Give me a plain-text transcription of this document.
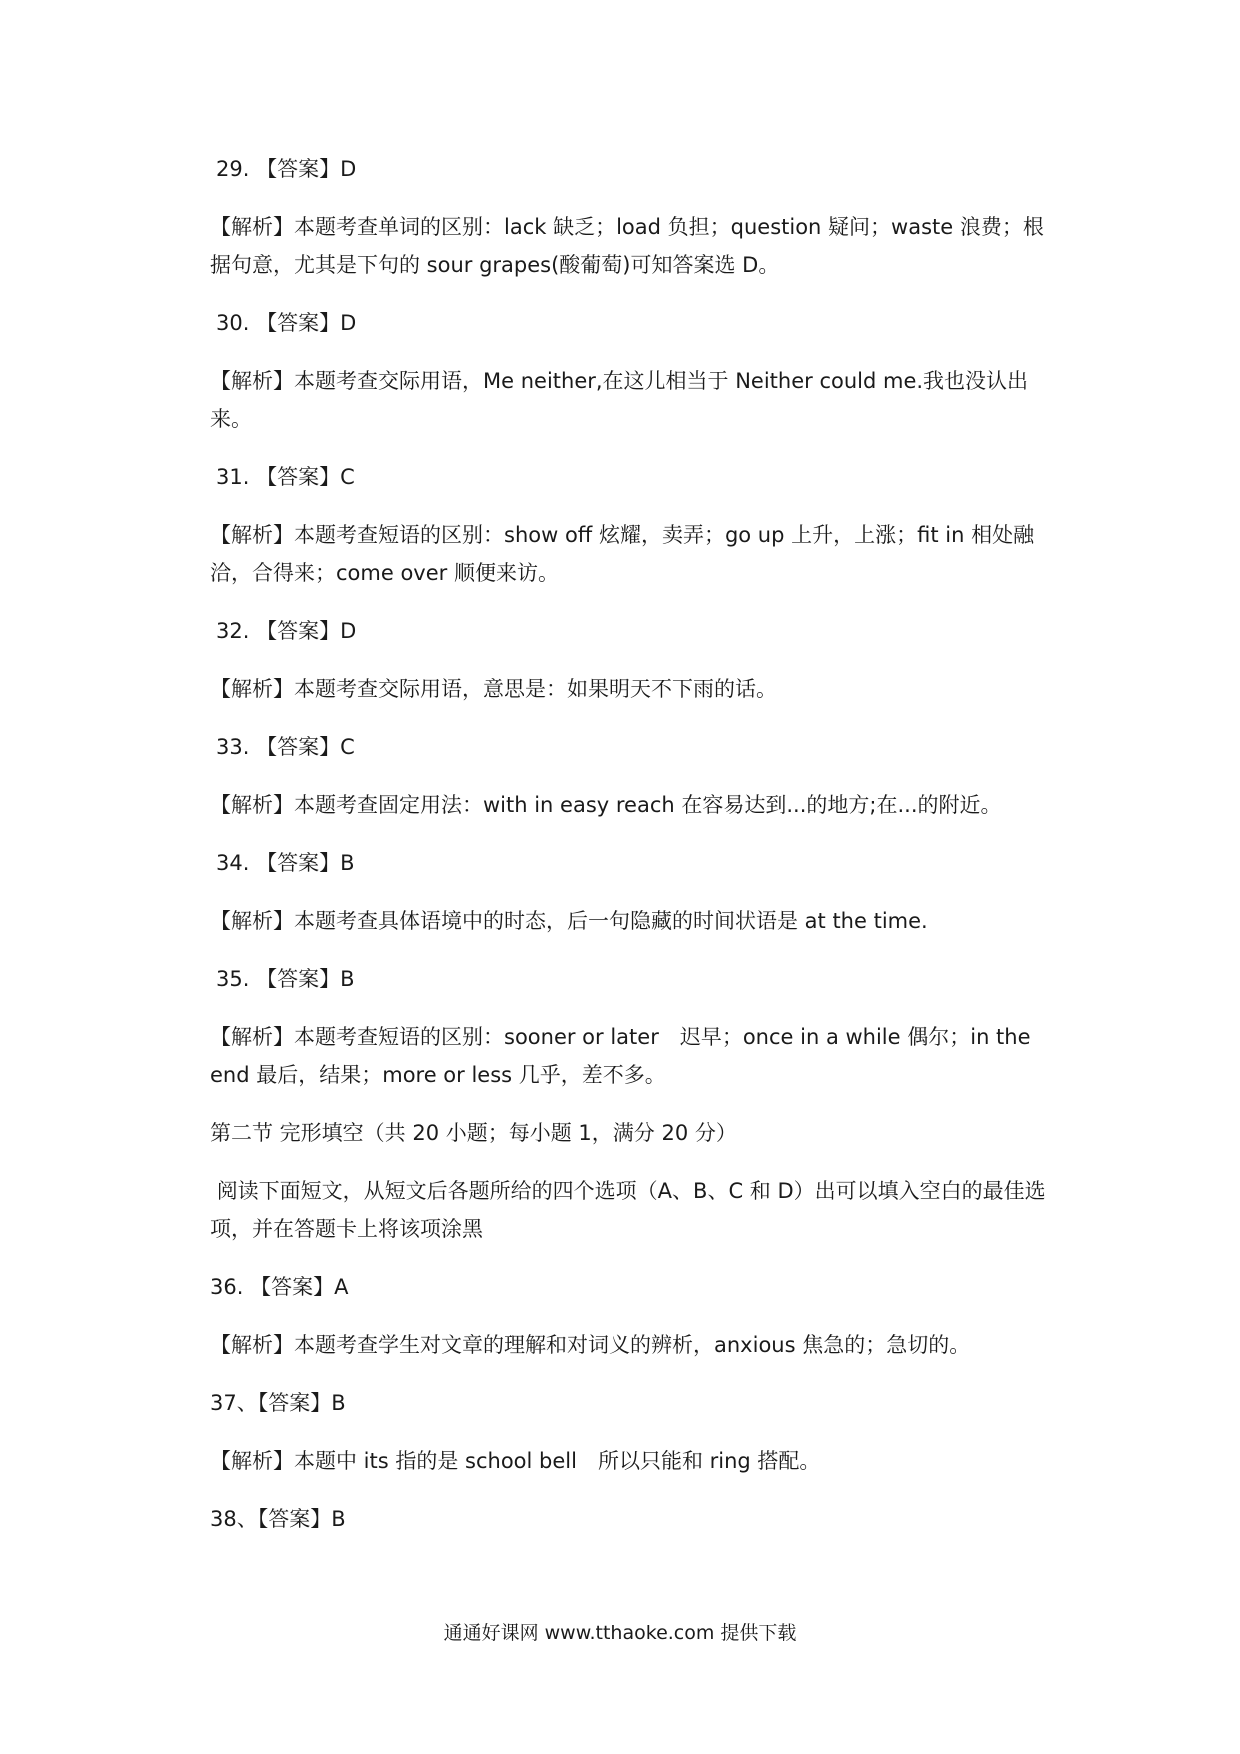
29. 【答案】D

【解析】本题考查单词的区别：lack 缺乏；load 负担；question 疑问；waste 浪费；根据句意，尤其是下句的 sour grapes(酸葡萄)可知答案选 D。

30. 【答案】D

【解析】本题考查交际用语，Me neither,在这儿相当于 Neither could me.我也没认出来。

31. 【答案】C

【解析】本题考查短语的区别：show off 炫耀，卖弄；go up 上升，上涨；fit in 相处融洽，合得来；come over 顺便来访。

32. 【答案】D

【解析】本题考查交际用语，意思是：如果明天不下雨的话。

33. 【答案】C

【解析】本题考查固定用法：with in easy reach 在容易达到...的地方;在...的附近。

34. 【答案】B

【解析】本题考查具体语境中的时态，后一句隐藏的时间状语是 at the time.

35. 【答案】B

【解析】本题考查短语的区别：sooner or later　迟早；once in a while 偶尔；in the end 最后，结果；more or less 几乎，差不多。

第二节 完形填空（共 20 小题；每小题 1，满分 20 分）

阅读下面短文，从短文后各题所给的四个选项（A、B、C 和 D）出可以填入空白的最佳选项，并在答题卡上将该项涂黑

36. 【答案】A

【解析】本题考查学生对文章的理解和对词义的辨析，anxious 焦急的；急切的。

37、【答案】B

【解析】本题中 its 指的是 school bell　所以只能和 ring 搭配。

38、【答案】B

通通好课网 www.tthaoke.com 提供下载
